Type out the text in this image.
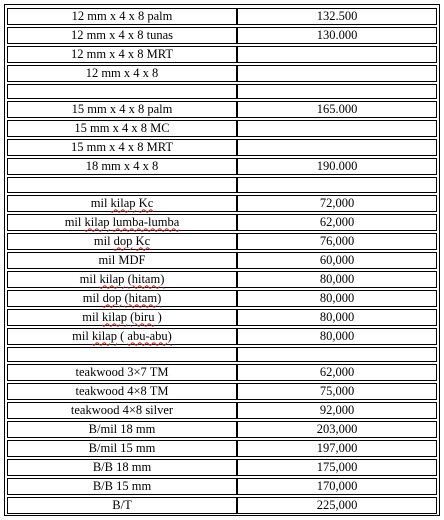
12 mm x 4 x 8 palm	132.500
12 mm x 4 x 8 tunas	130.000
12 mm x 4 x 8 MRT	
12 mm x 4 x 8	

15 mm x 4 x 8 palm	165.000
15 mm x 4 x 8 MC	
15 mm x 4 x 8 MRT	
18 mm x 4 x 8	190.000

mil kilap Kc	72,000
mil kilap lumba-lumba	62,000
mil dop Kc	76,000
mil MDF	60,000
mil kilap (hitam)	80,000
mil dop (hitam)	80,000
mil kilap (biru )	80,000
mil kilap ( abu-abu)	80,000

teakwood 3×7 TM	62,000
teakwood 4×8 TM	75,000
teakwood 4×8 silver	92,000
B/mil 18 mm	203,000
B/mil 15 mm	197,000
B/B 18 mm	175,000
B/B 15 mm	170,000
B/T	225,000
